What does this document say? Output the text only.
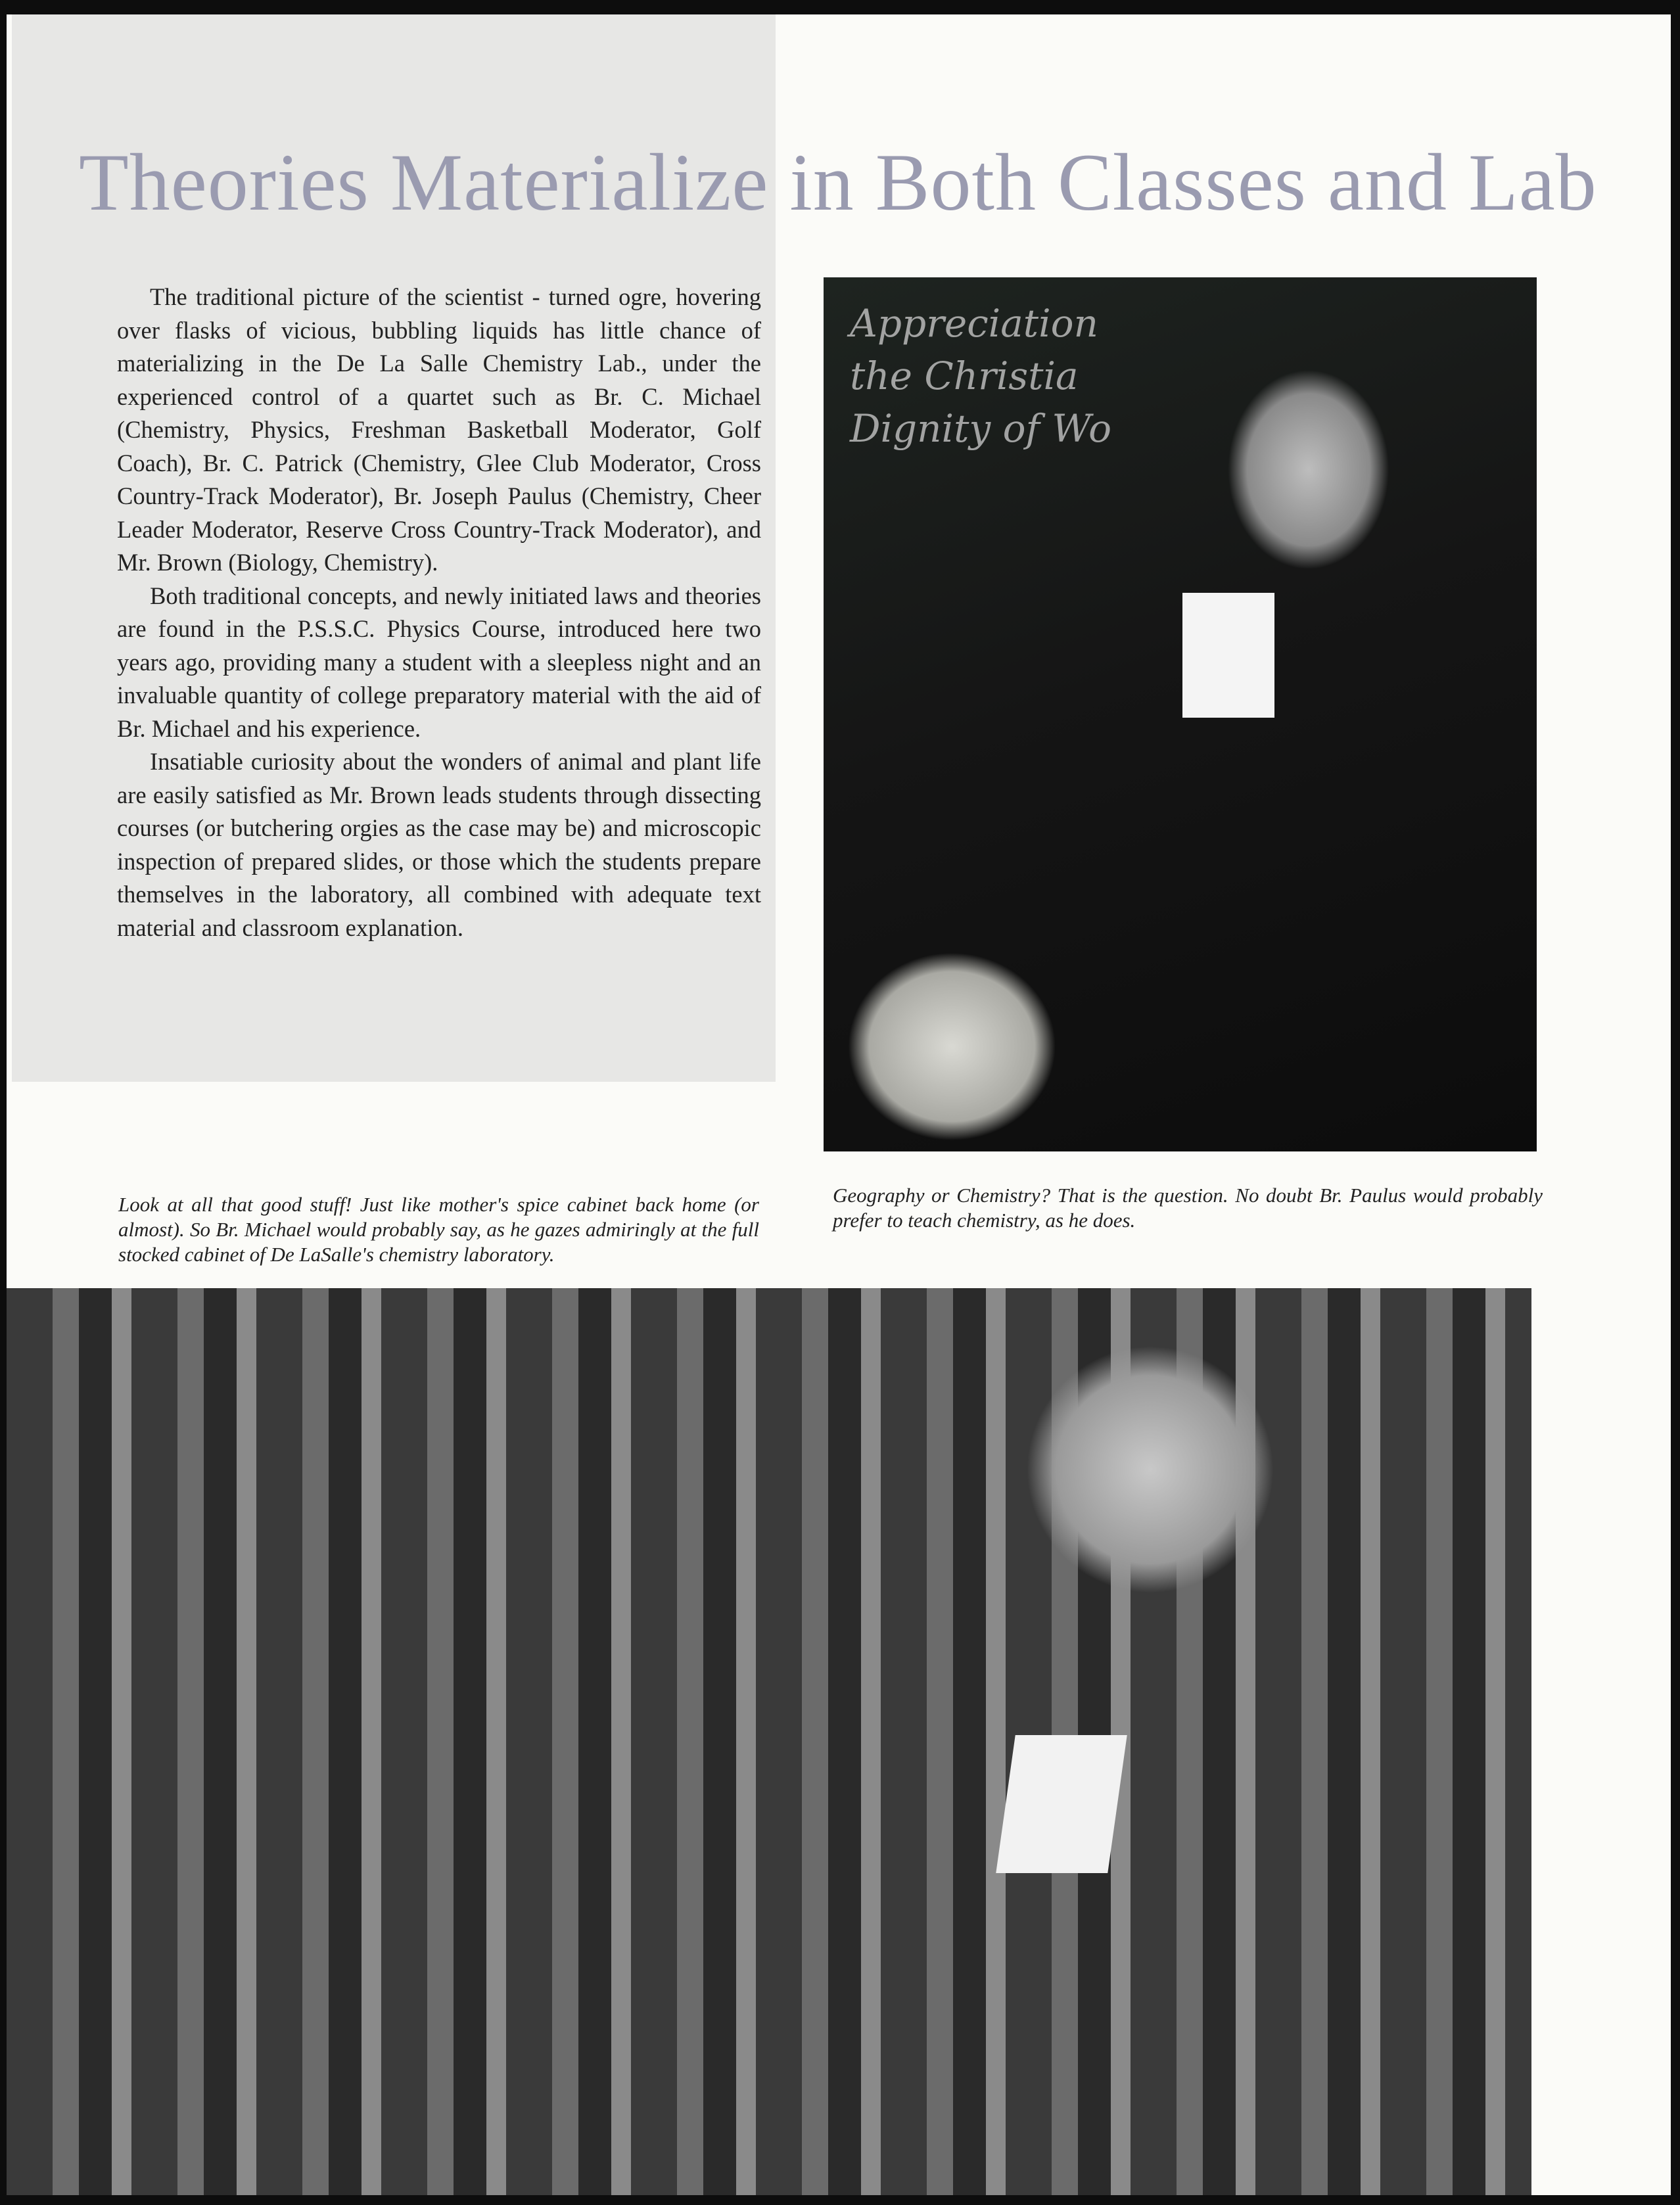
Theories Materialize in Both Classes and Lab

The traditional picture of the scientist - turned ogre, hovering over flasks of vicious, bubbling liquids has little chance of materializing in the De La Salle Chemistry Lab., under the experienced control of a quartet such as Br. C. Michael (Chemistry, Physics, Freshman Basketball Moderator, Golf Coach), Br. C. Patrick (Chemistry, Glee Club Moderator, Cross Country-Track Moderator), Br. Joseph Paulus (Chemistry, Cheer Leader Moderator, Reserve Cross Country-Track Moderator), and Mr. Brown (Biology, Chemistry).

Both traditional concepts, and newly initiated laws and theories are found in the P.S.S.C. Physics Course, introduced here two years ago, providing many a student with a sleepless night and an invaluable quantity of college preparatory material with the aid of Br. Michael and his experience.

Insatiable curiosity about the wonders of animal and plant life are easily satisfied as Mr. Brown leads students through dissecting courses (or butchering orgies as the case may be) and microscopic inspection of prepared slides, or those which the students prepare themselves in the laboratory, all combined with adequate text material and classroom explanation.

Appreciation
the Christia
Dignity of Wo

Look at all that good stuff! Just like mother's spice cabinet back home (or almost). So Br. Michael would probably say, as he gazes admiringly at the full stocked cabinet of De LaSalle's chemistry laboratory.

Geography or Chemistry? That is the question. No doubt Br. Paulus would probably prefer to teach chemistry, as he does.
